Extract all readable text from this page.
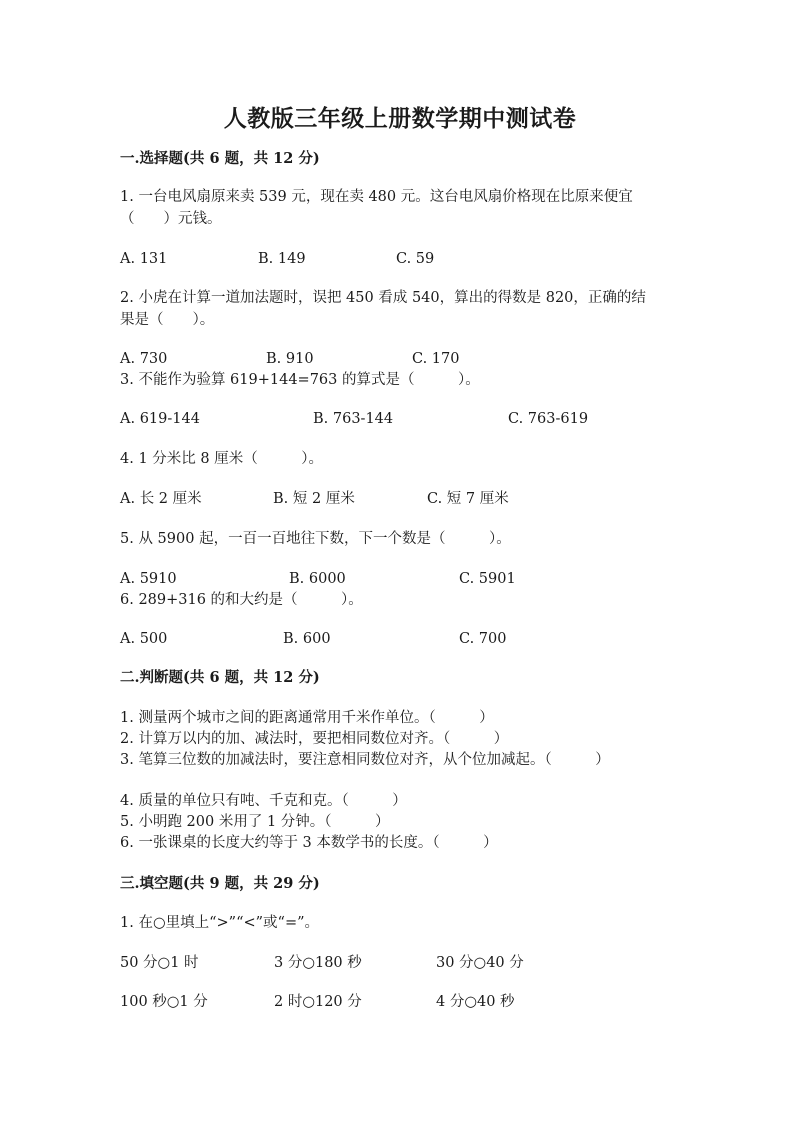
人教版三年级上册数学期中测试卷
一.选择题(共 6 题，共 12 分)
1. 一台电风扇原来卖 539 元，现在卖 480 元。这台电风扇价格现在比原来便宜
（　　）元钱。
A. 131	B. 149	C. 59
2. 小虎在计算一道加法题时，误把 450 看成 540，算出的得数是 820，正确的结
果是（　　）。
A. 730	B. 910	C. 170
3. 不能作为验算 619+144=763 的算式是（　　　）。
A. 619-144	B. 763-144	C. 763-619
4. 1 分米比 8 厘米（　　　）。
A. 长 2 厘米	B. 短 2 厘米	C. 短 7 厘米
5. 从 5900 起，一百一百地往下数，下一个数是（　　　）。
A. 5910	B. 6000	C. 5901
6. 289+316 的和大约是（　　　）。
A. 500	B. 600	C. 700
二.判断题(共 6 题，共 12 分)
1. 测量两个城市之间的距离通常用千米作单位。（　　　）
2. 计算万以内的加、减法时，要把相同数位对齐。（　　　）
3. 笔算三位数的加减法时，要注意相同数位对齐，从个位加减起。（　　　）
4. 质量的单位只有吨、千克和克。（　　　）
5. 小明跑 200 米用了 1 分钟。（　　　）
6. 一张课桌的长度大约等于 3 本数学书的长度。（　　　）
三.填空题(共 9 题，共 29 分)
1. 在○里填上“>”“<”或“=”。
50 分○1 时	3 分○180 秒	30 分○40 分
100 秒○1 分	2 时○120 分	4 分○40 秒
